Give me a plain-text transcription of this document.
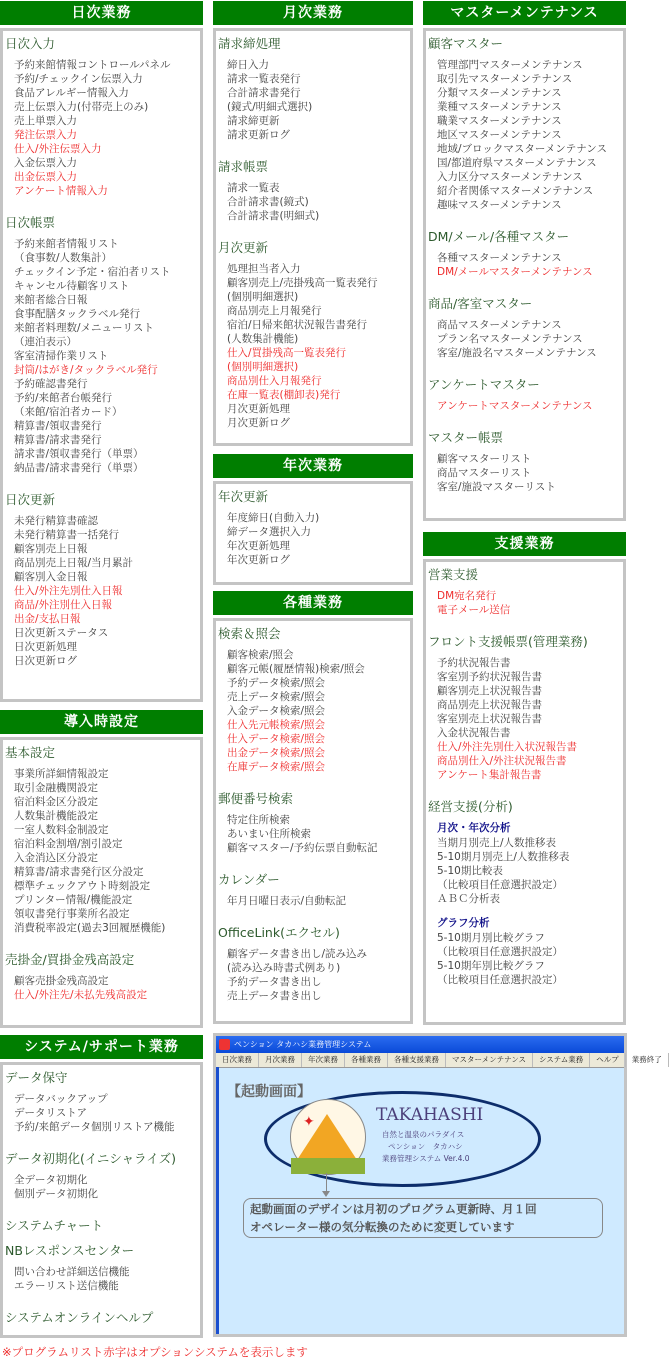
日次業務
日次入力
予約来館情報コントロールパネル
予約/チェックイン伝票入力
食品アレルギー情報入力
売上伝票入力(付帯売上のみ)
売上単票入力
発注伝票入力
仕入/外注伝票入力
入金伝票入力
出金伝票入力
アンケート情報入力
日次帳票
予約来館者情報リスト
（食事数/人数集計）
チェックイン予定・宿泊者リスト
キャンセル待顧客リスト
来館者総合日報
食事配膳タックラベル発行
来館者料理数/メニューリスト
（連泊表示）
客室清掃作業リスト
封筒/はがき/タックラベル発行
予約確認書発行
予約/来館者台帳発行
（来館/宿泊者カード）
精算書/領収書発行
精算書/請求書発行
請求書/領収書発行（単票）
納品書/請求書発行（単票）
日次更新
未発行精算書確認
未発行精算書一括発行
顧客別売上日報
商品別売上日報/当月累計
顧客別入金日報
仕入/外注先別仕入日報
商品/外注別仕入日報
出金/支払日報
日次更新ステータス
日次更新処理
日次更新ログ
導入時設定
基本設定
事業所詳細情報設定
取引金融機関設定
宿泊料金区分設定
人数集計機能設定
一室人数料金制設定
宿泊料金割増/割引設定
入金消込区分設定
精算書/請求書発行区分設定
標準チェックアウト時刻設定
プリンター情報/機能設定
領収書発行事業所名設定
消費税率設定(過去3回履歴機能)
売掛金/買掛金残高設定
顧客売掛金残高設定
仕入/外注先/未払先残高設定
システム/サポート業務
データ保守
データバックアップ
データリストア
予約/来館データ個別リストア機能
データ初期化(イニシャライズ)
全データ初期化
個別データ初期化
システムチャート
NBレスポンスセンター
問い合わせ詳細送信機能
エラーリスト送信機能
システムオンラインヘルプ
月次業務
請求締処理
締日入力
請求一覧表発行
合計請求書発行
(鏡式/明細式選択)
請求締更新
請求更新ログ
請求帳票
請求一覧表
合計請求書(鏡式)
合計請求書(明細式)
月次更新
処理担当者入力
顧客別売上/売掛残高一覧表発行
(個別明細選択)
商品別売上月報発行
宿泊/日帰来館状況報告書発行
(人数集計機能)
仕入/買掛残高一覧表発行
(個別明細選択)
商品別仕入月報発行
在庫一覧表(棚卸表)発行
月次更新処理
月次更新ログ
年次業務
年次更新
年度締日(自動入力)
締データ選択入力
年次更新処理
年次更新ログ
各種業務
検索＆照会
顧客検索/照会
顧客元帳(履歴情報)検索/照会
予約データ検索/照会
売上データ検索/照会
入金データ検索/照会
仕入先元帳検索/照会
仕入データ検索/照会
出金データ検索/照会
在庫データ検索/照会
郵便番号検索
特定住所検索
あいまい住所検索
顧客マスター/予約伝票自動転記
カレンダー
年月日曜日表示/自動転記
OfficeLink(エクセル)
顧客データ書き出し/読み込み
(読み込み時書式例あり)
予約データ書き出し
売上データ書き出し
マスターメンテナンス
顧客マスター
管理部門マスターメンテナンス
取引先マスターメンテナンス
分類マスターメンテナンス
業種マスターメンテナンス
職業マスターメンテナンス
地区マスターメンテナンス
地域/ブロックマスターメンテナンス
国/都道府県マスターメンテナンス
入力区分マスターメンテナンス
紹介者関係マスターメンテナンス
趣味マスターメンテナンス
DM/メール/各種マスター
各種マスターメンテナンス
DM/メールマスターメンテナンス
商品/客室マスター
商品マスターメンテナンス
プラン名マスターメンテナンス
客室/施設名マスターメンテナンス
アンケートマスター
アンケートマスターメンテナンス
マスター帳票
顧客マスターリスト
商品マスターリスト
客室/施設マスターリスト
支援業務
営業支援
DM宛名発行
電子メール送信
フロント支援帳票(管理業務)
予約状況報告書
客室別予約状況報告書
顧客別売上状況報告書
商品別売上状況報告書
客室別売上状況報告書
入金状況報告書
仕入/外注先別仕入状況報告書
商品別仕入/外注状況報告書
アンケート集計報告書
経営支援(分析)
月次・年次分析
当期月別売上/人数推移表
5-10期月別売上/人数推移表
5-10期比較表
（比較項目任意選択設定）
ＡＢＣ分析表
グラフ分析
5-10期月別比較グラフ
（比較項目任意選択設定）
5-10期年別比較グラフ
（比較項目任意選択設定）
ペンション タカハシ業務管理システム
日次業務	月次業務	年次業務	各種業務	各種支援業務	マスターメンテナンス	システム業務	ヘルプ	業務終了
【起動画面】
✦	TAKAHASHI
自然と温泉のパラダイス
ペンション　タカハシ
業務管理システム Ver.4.0
起動画面のデザインは月初のプログラム更新時、月１回
オペレーター様の気分転換のために変更しています
※プログラムリスト赤字はオプションシステムを表示します
